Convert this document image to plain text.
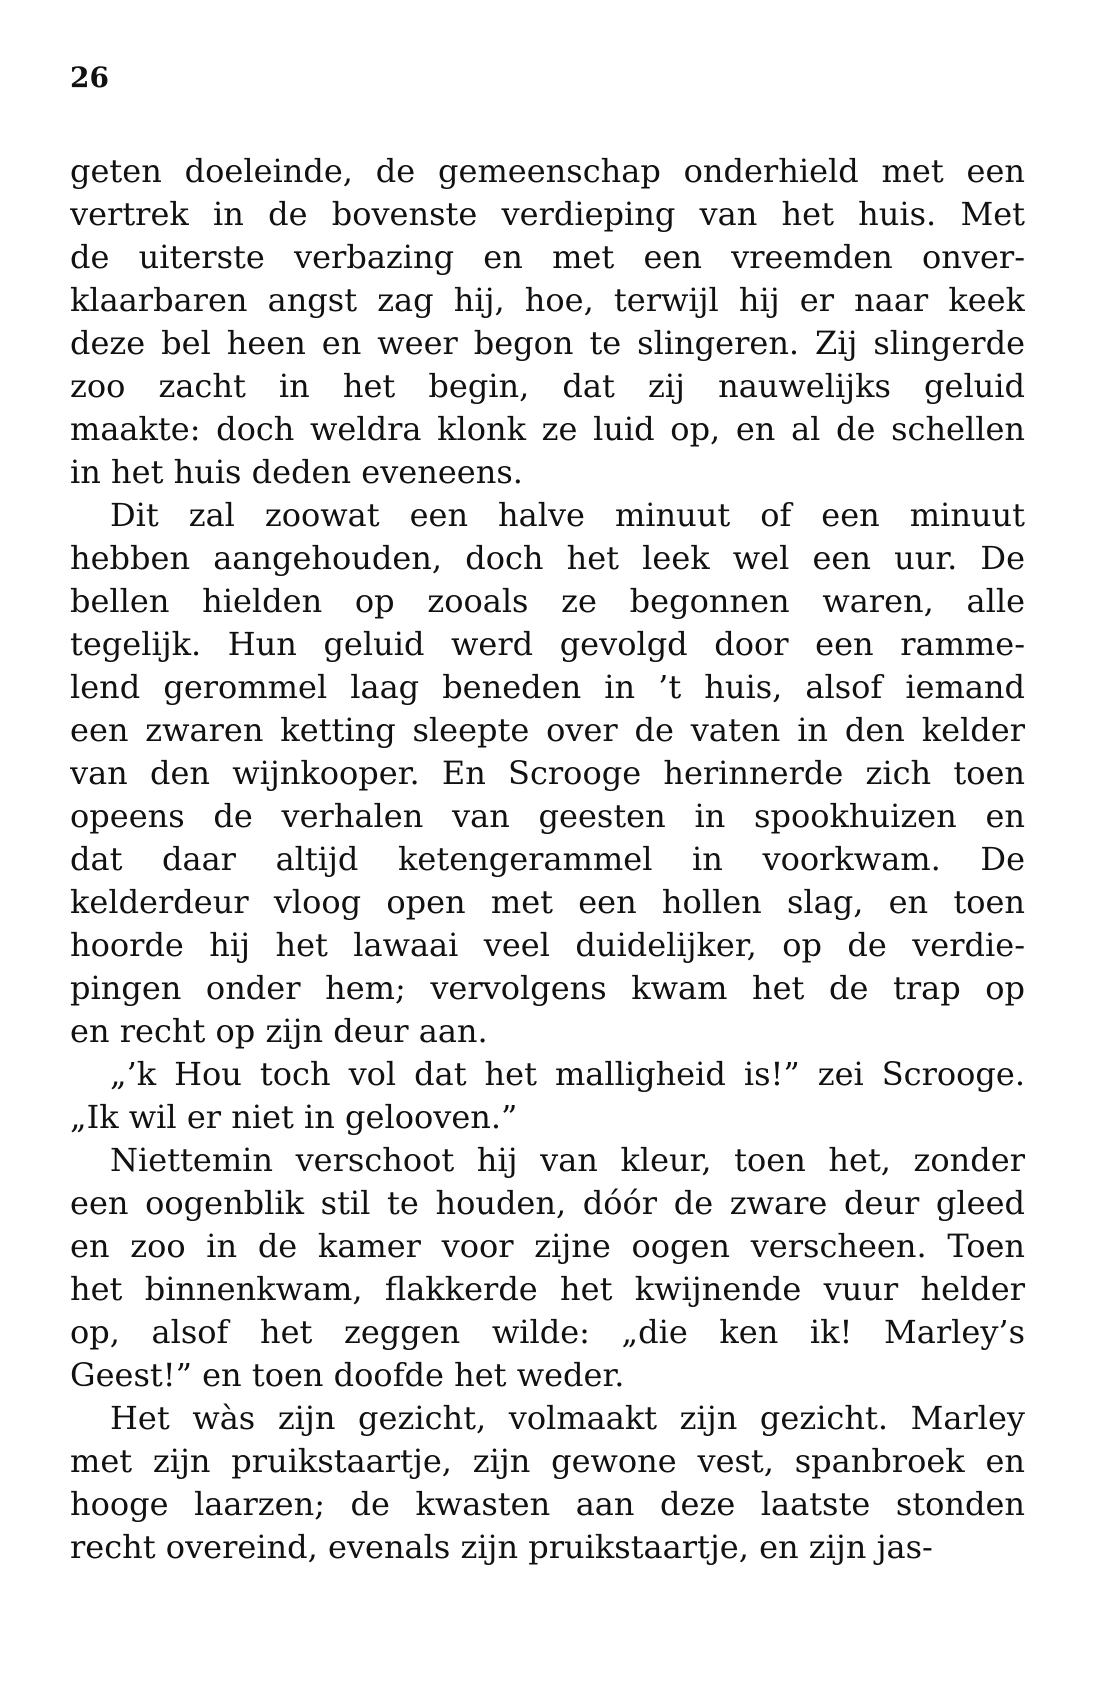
26
geten doeleinde, de gemeenschap onderhield met een
vertrek in de bovenste verdieping van het huis. Met
de uiterste verbazing en met een vreemden onver-
klaarbaren angst zag hij, hoe, terwijl hij er naar keek
deze bel heen en weer begon te slingeren. Zij slingerde
zoo zacht in het begin, dat zij nauwelijks geluid
maakte: doch weldra klonk ze luid op, en al de schellen
in het huis deden eveneens.
Dit zal zoowat een halve minuut of een minuut
hebben aangehouden, doch het leek wel een uur. De
bellen hielden op zooals ze begonnen waren, alle
tegelijk. Hun geluid werd gevolgd door een ramme-
lend gerommel laag beneden in ’t huis, alsof iemand
een zwaren ketting sleepte over de vaten in den kelder
van den wijnkooper. En Scrooge herinnerde zich toen
opeens de verhalen van geesten in spookhuizen en
dat daar altijd ketengerammel in voorkwam. De
kelderdeur vloog open met een hollen slag, en toen
hoorde hij het lawaai veel duidelijker, op de verdie-
pingen onder hem; vervolgens kwam het de trap op
en recht op zijn deur aan.
„’k Hou toch vol dat het malligheid is!” zei Scrooge.
„Ik wil er niet in gelooven.”
Niettemin verschoot hij van kleur, toen het, zonder
een oogenblik stil te houden, dóór de zware deur gleed
en zoo in de kamer voor zijne oogen verscheen. Toen
het binnenkwam, flakkerde het kwijnende vuur helder
op, alsof het zeggen wilde: „die ken ik! Marley’s
Geest!” en toen doofde het weder.
Het wàs zijn gezicht, volmaakt zijn gezicht. Marley
met zijn pruikstaartje, zijn gewone vest, spanbroek en
hooge laarzen; de kwasten aan deze laatste stonden
recht overeind, evenals zijn pruikstaartje, en zijn jas-
